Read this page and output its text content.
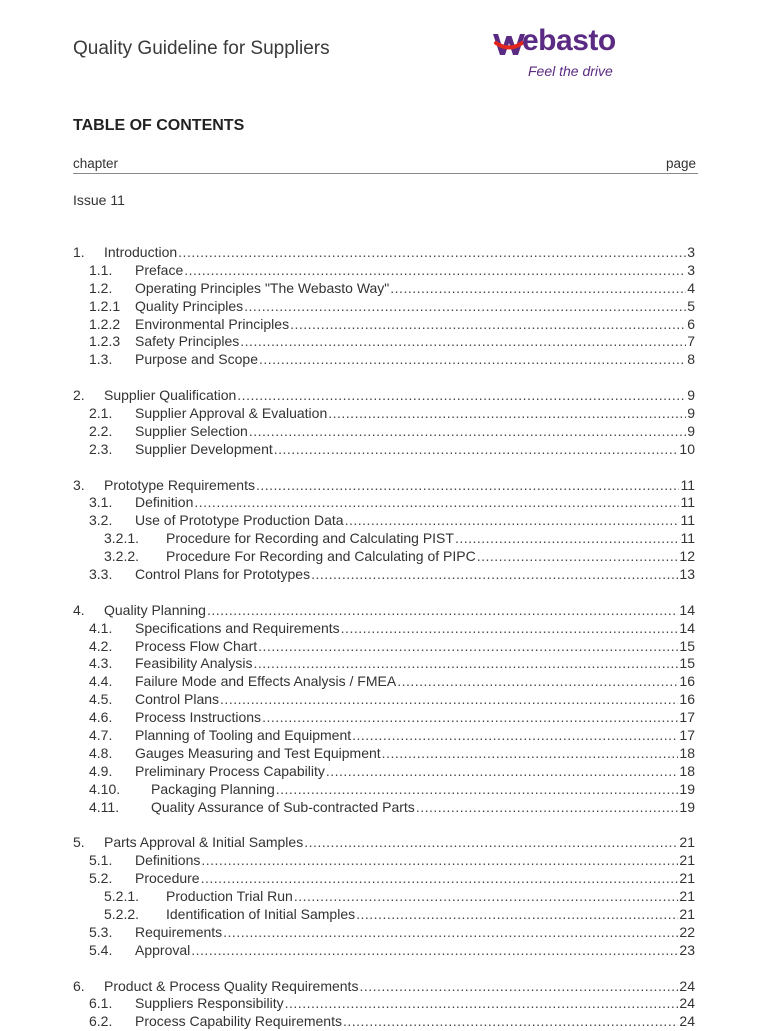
Quality Guideline for Suppliers	ebasto
Feel the drive
TABLE OF CONTENTS
chapter	page
Issue 11
1.	Introduction .....	3
1.1.	Preface .....	3
1.2.	Operating Principles "The Webasto Way" .....	4
1.2.1	Quality Principles .....	5
1.2.2	Environmental Principles .....	6
1.2.3	Safety Principles .....	7
1.3.	Purpose and Scope .....	8
2.	Supplier Qualification .....	9
2.1.	Supplier Approval & Evaluation .....	9
2.2.	Supplier Selection .....	9
2.3.	Supplier Development .....	10
3.	Prototype Requirements .....	11
3.1.	Definition .....	11
3.2.	Use of Prototype Production Data .....	11
3.2.1.	Procedure for Recording and Calculating PIST .....	11
3.2.2.	Procedure For Recording and Calculating of PIPC .....	12
3.3.	Control Plans for Prototypes .....	13
4.	Quality Planning .....	14
4.1.	Specifications and Requirements .....	14
4.2.	Process Flow Chart .....	15
4.3.	Feasibility Analysis .....	15
4.4.	Failure Mode and Effects Analysis / FMEA .....	16
4.5.	Control Plans .....	16
4.6.	Process Instructions .....	17
4.7.	Planning of Tooling and Equipment .....	17
4.8.	Gauges Measuring and Test Equipment .....	18
4.9.	Preliminary Process Capability .....	18
4.10.	Packaging Planning .....	19
4.11.	Quality Assurance of Sub-contracted Parts .....	19
5.	Parts Approval & Initial Samples .....	21
5.1.	Definitions .....	21
5.2.	Procedure .....	21
5.2.1.	Production Trial Run .....	21
5.2.2.	Identification of Initial Samples .....	21
5.3.	Requirements .....	22
5.4.	Approval .....	23
6.	Product & Process Quality Requirements .....	24
6.1.	Suppliers Responsibility .....	24
6.2.	Process Capability Requirements .....	24
